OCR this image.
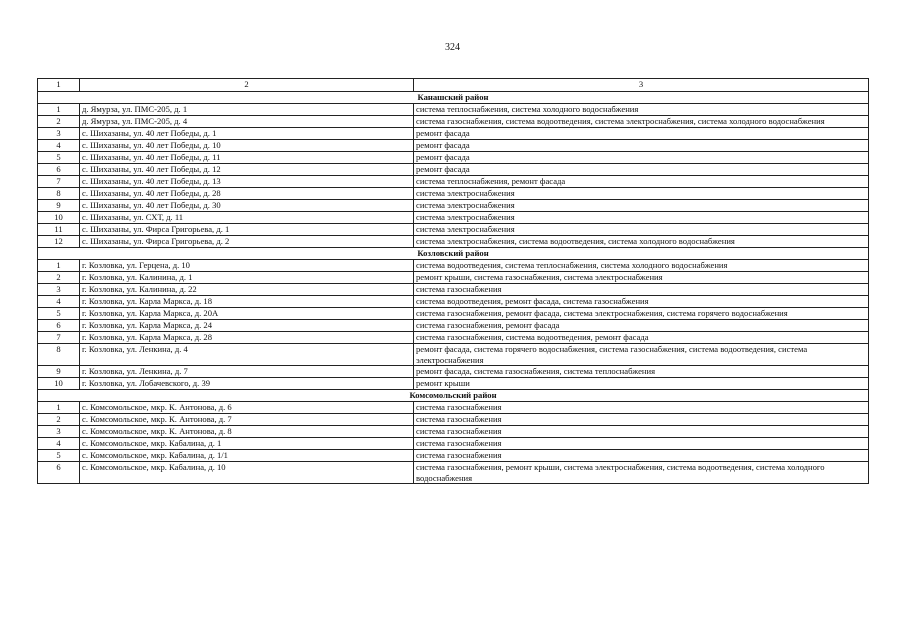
324
1	2	3
Канашский район		
1	д. Ямурза, ул. ПМС-205, д. 1	система теплоснабжения, система холодного водоснабжения
2	д. Ямурза, ул. ПМС-205, д. 4	система газоснабжения, система водоотведения, система электроснабжения, система холодного водоснабжения
3	с. Шихазаны, ул. 40 лет Победы, д. 1	ремонт фасада
4	с. Шихазаны, ул. 40 лет Победы, д. 10	ремонт фасада
5	с. Шихазаны, ул. 40 лет Победы, д. 11	ремонт фасада
6	с. Шихазаны, ул. 40 лет Победы, д. 12	ремонт фасада
7	с. Шихазаны, ул. 40 лет Победы, д. 13	система теплоснабжения, ремонт фасада
8	с. Шихазаны, ул. 40 лет Победы, д. 28	система электроснабжения
9	с. Шихазаны, ул. 40 лет Победы, д. 30	система электроснабжения
10	с. Шихазаны, ул. СХТ, д. 11	система электроснабжения
11	с. Шихазаны, ул. Фирса Григорьева, д. 1	система электроснабжения
12	с. Шихазаны, ул. Фирса Григорьева, д. 2	система электроснабжения, система водоотведения, система холодного водоснабжения
Козловский район		
1	г. Козловка, ул. Герцена, д. 10	система водоотведения, система теплоснабжения, система холодного водоснабжения
2	г. Козловка, ул. Калинина, д. 1	ремонт крыши, система газоснабжения, система электроснабжения
3	г. Козловка, ул. Калинина, д. 22	система газоснабжения
4	г. Козловка, ул. Карла Маркса, д. 18	система водоотведения, ремонт фасада, система газоснабжения
5	г. Козловка, ул. Карла Маркса, д. 20А	система газоснабжения, ремонт фасада, система электроснабжения, система горячего водоснабжения
6	г. Козловка, ул. Карла Маркса, д. 24	система газоснабжения, ремонт фасада
7	г. Козловка, ул. Карла Маркса, д. 28	система газоснабжения, система водоотведения, ремонт фасада
8	г. Козловка, ул. Ленкина, д. 4	ремонт фасада, система горячего водоснабжения, система газоснабжения, система водоотведения, система электроснабжения
9	г. Козловка, ул. Ленкина, д. 7	ремонт фасада, система газоснабжения, система теплоснабжения
10	г. Козловка, ул. Лобачевского, д. 39	ремонт крыши
Комсомольский район		
1	с. Комсомольское, мкр. К. Антонова, д. 6	система газоснабжения
2	с. Комсомольское, мкр. К. Антонова, д. 7	система газоснабжения
3	с. Комсомольское, мкр. К. Антонова, д. 8	система газоснабжения
4	с. Комсомольское, мкр. Кабалина, д. 1	система газоснабжения
5	с. Комсомольское, мкр. Кабалина, д. 1/1	система газоснабжения
6	с. Комсомольское, мкр. Кабалина, д. 10	система газоснабжения, ремонт крыши, система электроснабжения, система водоотведения, система холодного водоснабжения
